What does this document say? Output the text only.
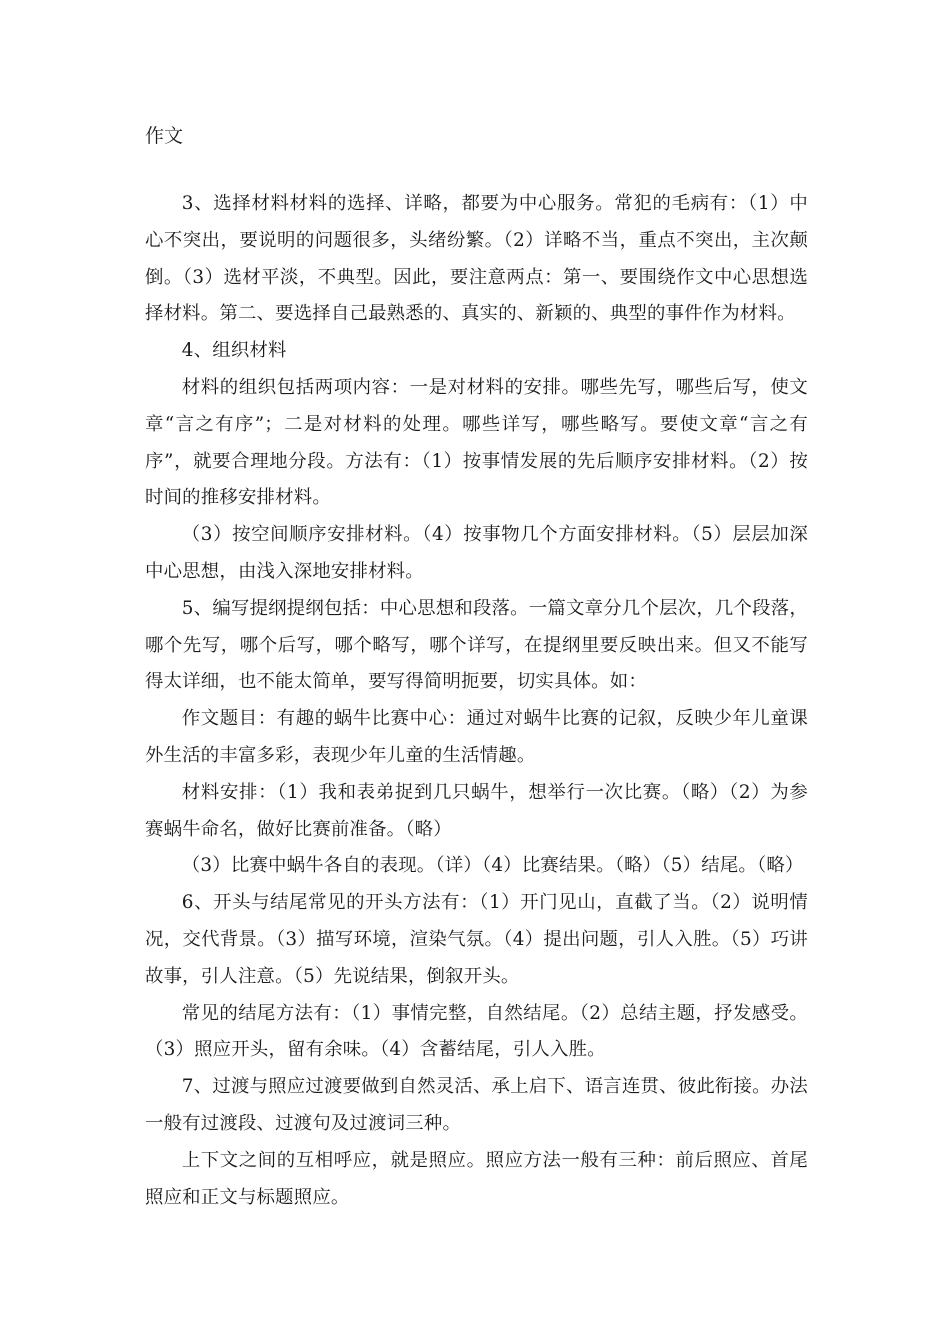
作文

3、选择材料材料的选择、详略，都要为中心服务。常犯的毛病有：（1）中心不突出，要说明的问题很多，头绪纷繁。（2）详略不当，重点不突出，主次颠倒。（3）选材平淡，不典型。因此，要注意两点：第一、要围绕作文中心思想选择材料。第二、要选择自己最熟悉的、真实的、新颖的、典型的事件作为材料。

4、组织材料

材料的组织包括两项内容：一是对材料的安排。哪些先写，哪些后写，使文章“言之有序”；二是对材料的处理。哪些详写，哪些略写。要使文章“言之有序”，就要合理地分段。方法有：（1）按事情发展的先后顺序安排材料。（2）按时间的推移安排材料。

（3）按空间顺序安排材料。（4）按事物几个方面安排材料。（5）层层加深中心思想，由浅入深地安排材料。

5、编写提纲提纲包括：中心思想和段落。一篇文章分几个层次，几个段落，哪个先写，哪个后写，哪个略写，哪个详写，在提纲里要反映出来。但又不能写得太详细，也不能太简单，要写得简明扼要，切实具体。如：

作文题目：有趣的蜗牛比赛中心：通过对蜗牛比赛的记叙，反映少年儿童课外生活的丰富多彩，表现少年儿童的生活情趣。

材料安排：（1）我和表弟捉到几只蜗牛，想举行一次比赛。（略）（2）为参赛蜗牛命名，做好比赛前准备。（略）

（3）比赛中蜗牛各自的表现。（详）（4）比赛结果。（略）（5）结尾。（略）

6、开头与结尾常见的开头方法有：（1）开门见山，直截了当。（2）说明情况，交代背景。（3）描写环境，渲染气氛。（4）提出问题，引人入胜。（5）巧讲故事，引人注意。（5）先说结果，倒叙开头。

常见的结尾方法有：（1）事情完整，自然结尾。（2）总结主题，抒发感受。（3）照应开头，留有余味。（4）含蓄结尾，引人入胜。

7、过渡与照应过渡要做到自然灵活、承上启下、语言连贯、彼此衔接。办法一般有过渡段、过渡句及过渡词三种。

上下文之间的互相呼应，就是照应。照应方法一般有三种：前后照应、首尾照应和正文与标题照应。
